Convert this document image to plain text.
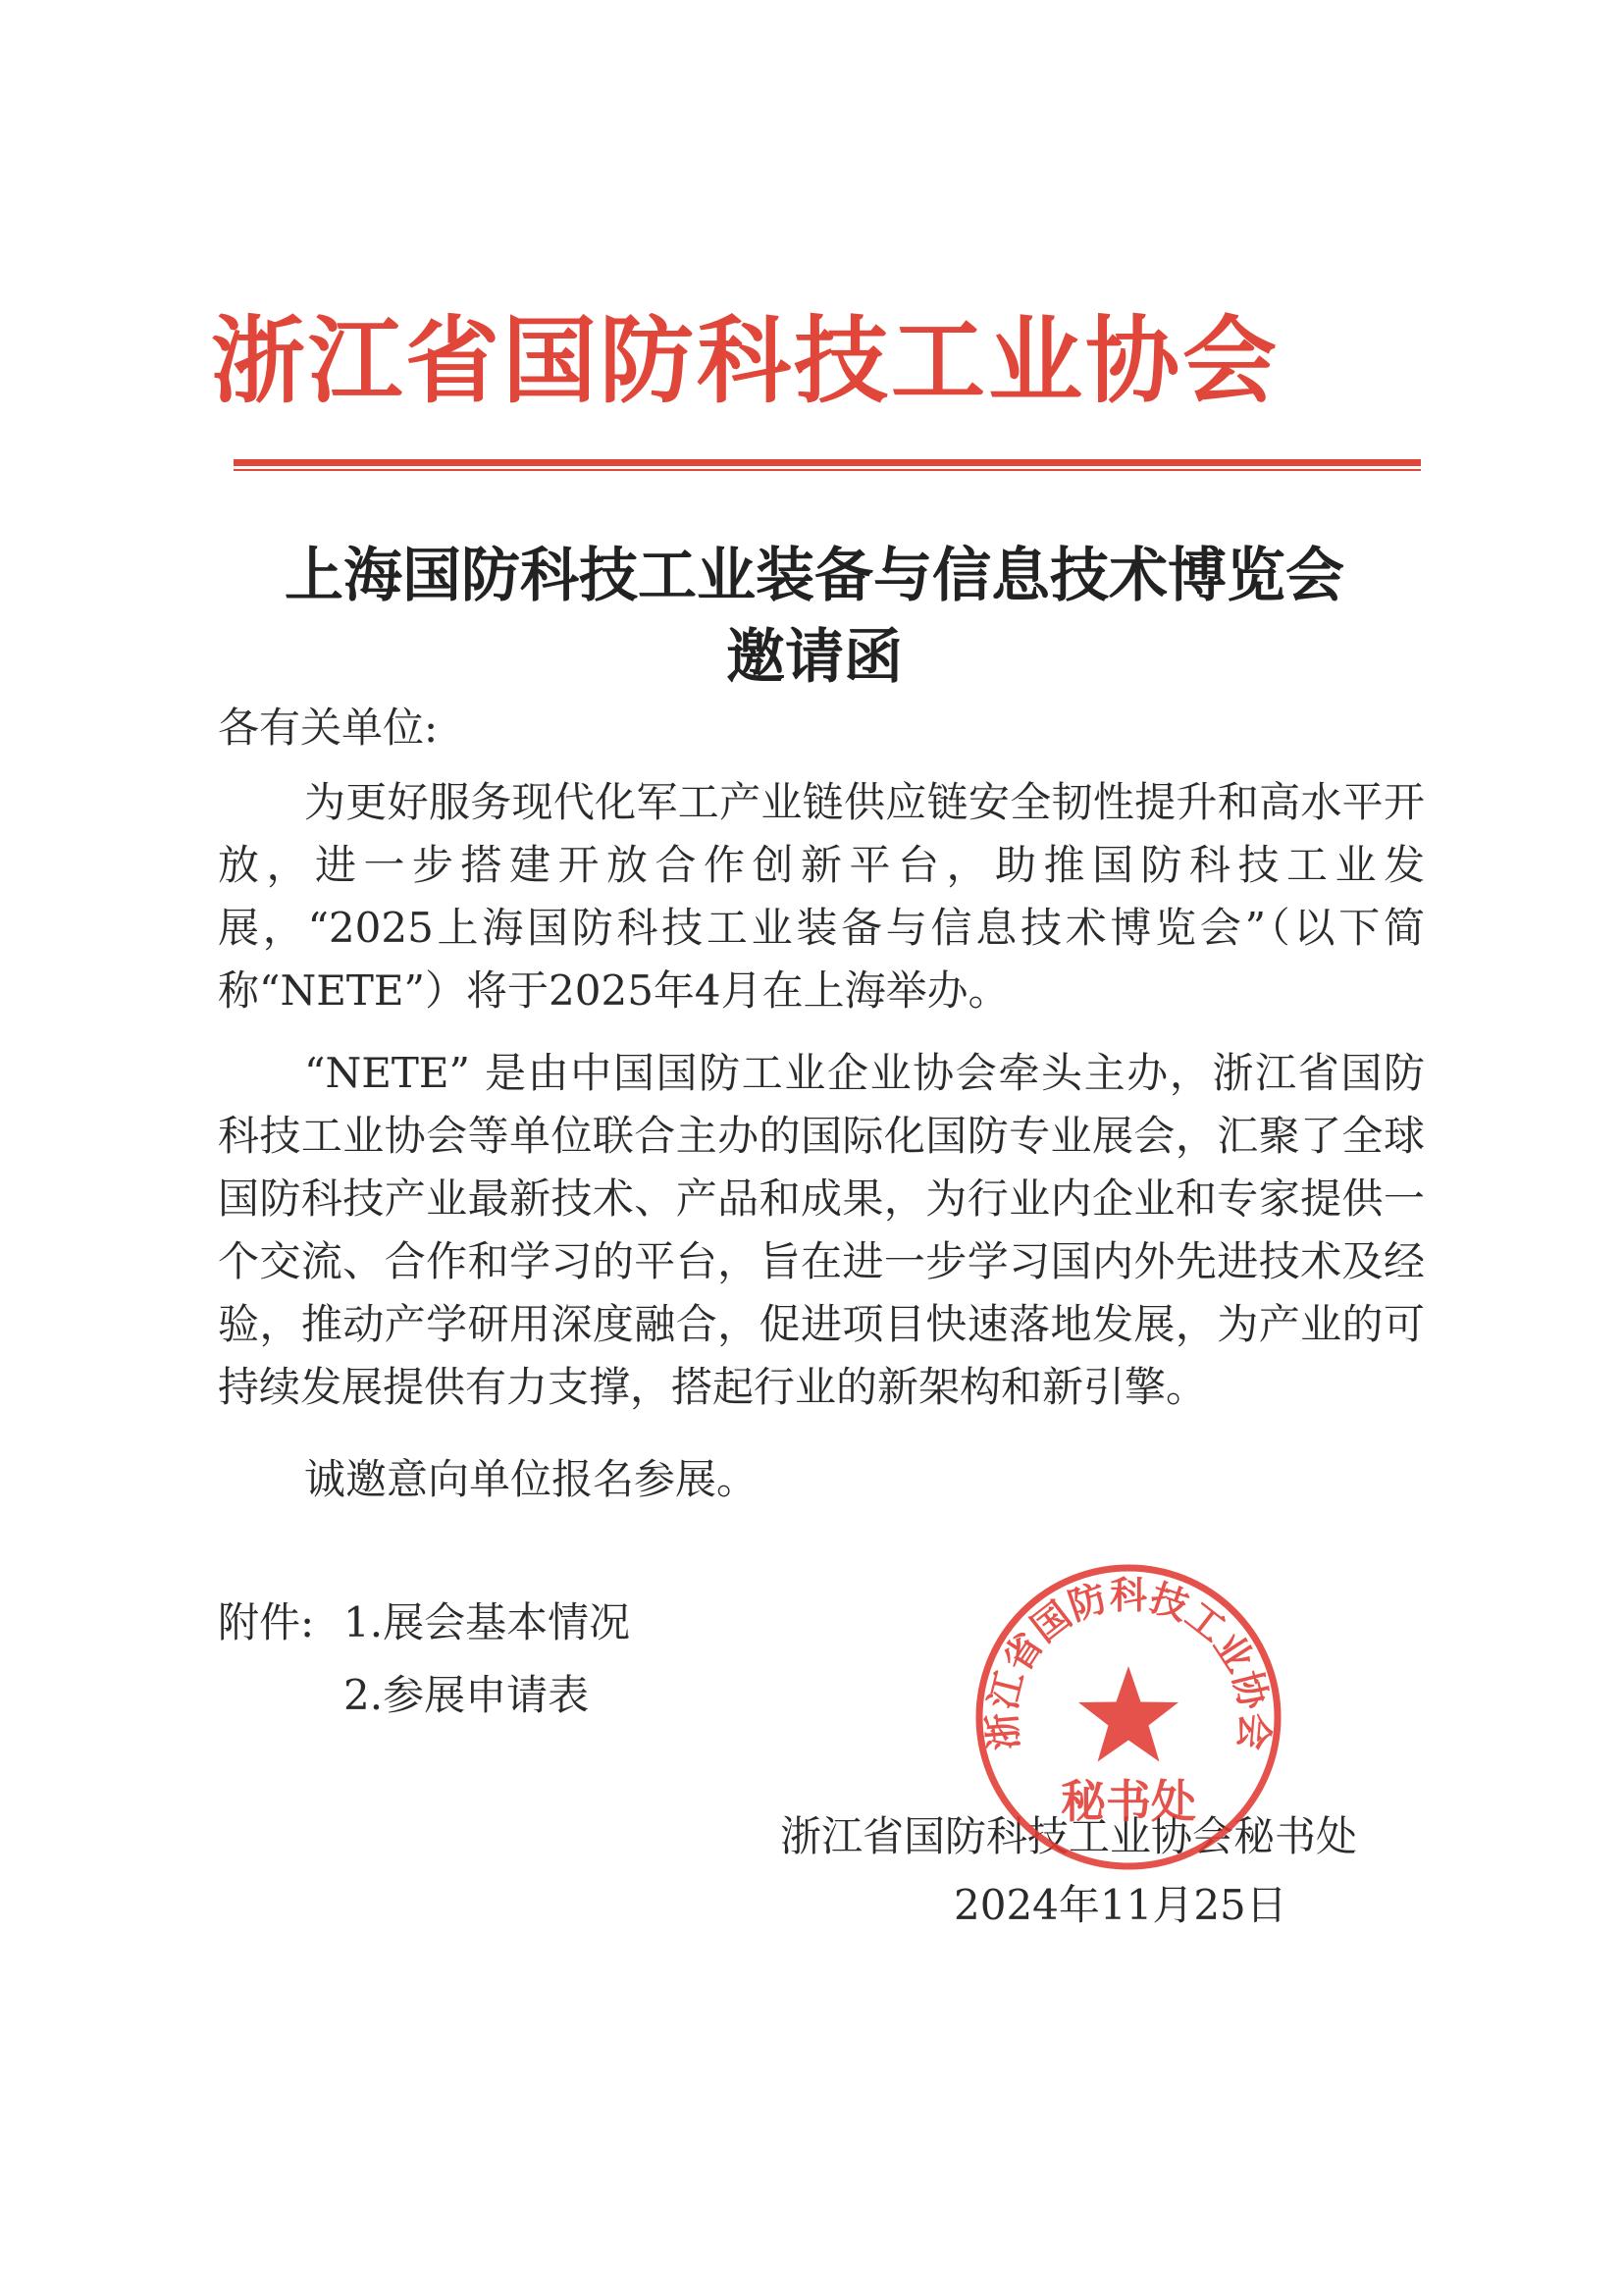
浙江省国防科技工业协会
上海国防科技工业装备与信息技术博览会
邀请函
各有关单位:

为更好服务现代化军工产业链供应链安全韧性提升和高水平开放，进一步搭建开放合作创新平台，助推国防科技工业发展，“2025上海国防科技工业装备与信息技术博览会”（以下简称“NETE”）将于2025年4月在上海举办。

“NETE” 是由中国国防工业企业协会牵头主办，浙江省国防科技工业协会等单位联合主办的国际化国防专业展会，汇聚了全球国防科技产业最新技术、产品和成果，为行业内企业和专家提供一个交流、合作和学习的平台，旨在进一步学习国内外先进技术及经验，推动产学研用深度融合，促进项目快速落地发展，为产业的可持续发展提供有力支撑，搭起行业的新架构和新引擎。

诚邀意向单位报名参展。

附件: 1.展会基本情况
2.参展申请表
浙江省国防科技工业协会秘书处
2024年11月25日
浙江省国防科技工业协会
秘书处
